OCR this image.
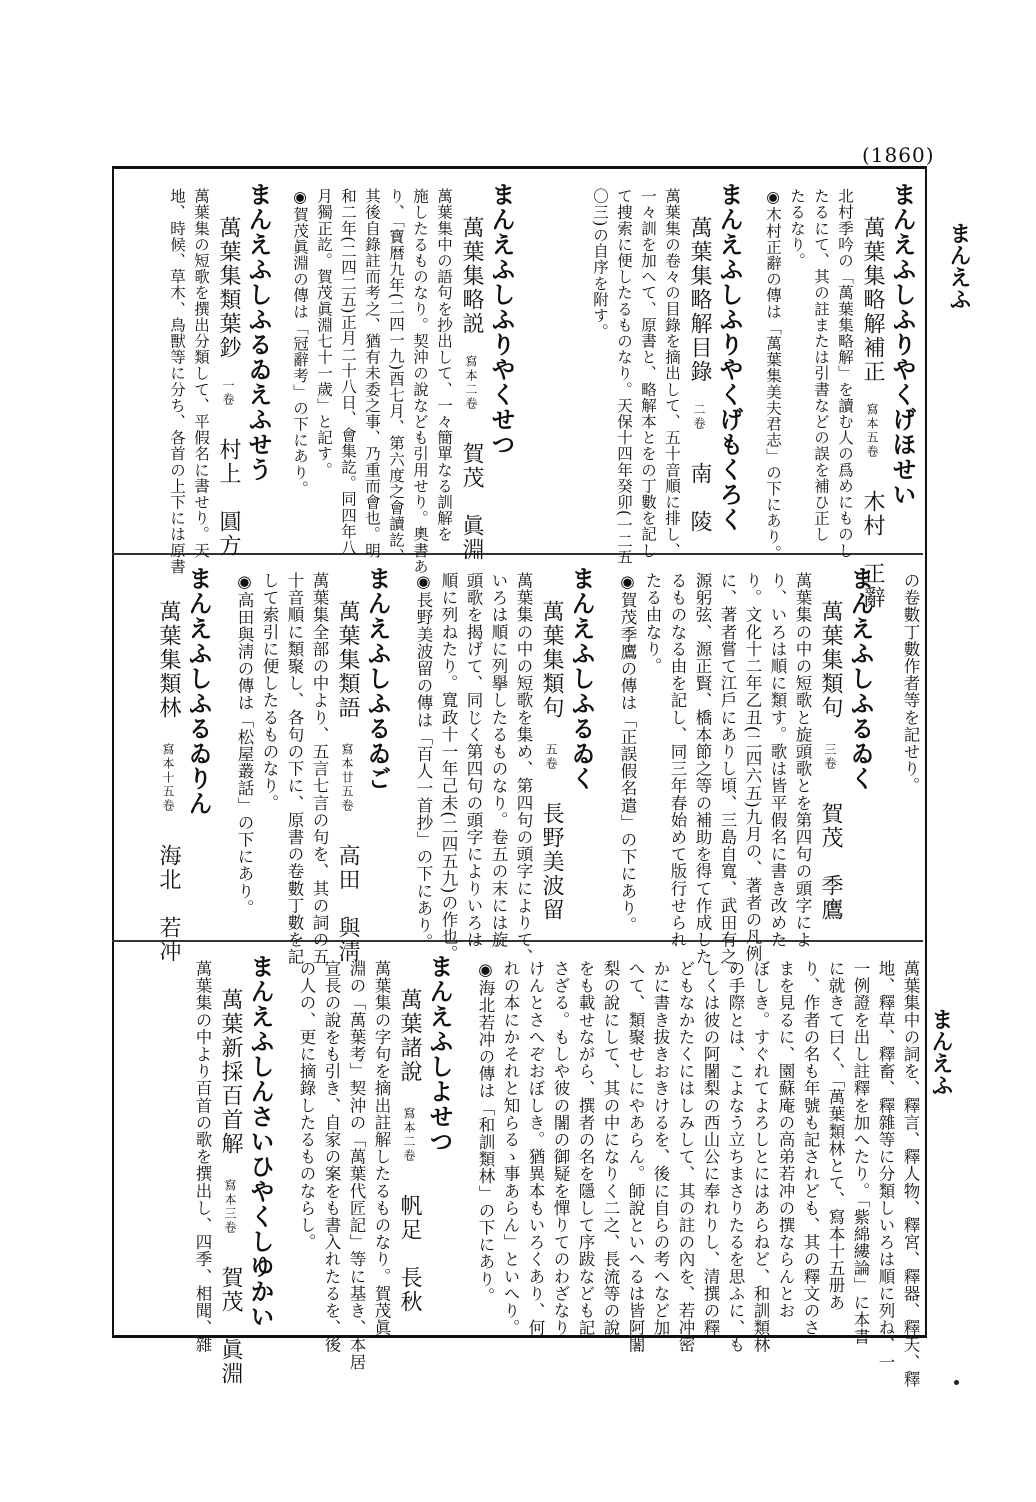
(1860)
まんえふ
まんえふ
まんえふしふりやくげほせい
萬葉集略解補正 寫本五卷 木村　正辭
北村季吟の「萬葉集略解」を讀む人の爲めにものし
たるにて、其の註または引書などの誤を補ひ正し
たるなり。
◉木村正辭の傳は「萬葉集美夫君志」の下にあり。
まんえふしふりやくげもくろく
萬葉集略解目錄 二卷 南　陵
萬葉集の卷々の目錄を摘出して、五十音順に排し、
一々訓を加へて、原書と、略解本とをの丁數を記し
て捜索に便したるものなり。天保十四年癸卯(一二五
〇三)の自序を附す。
まんえふしふりやくせつ
萬葉集略説 寫本二卷 賀茂　眞淵
萬葉集中の語句を抄出して、一々簡單なる訓解を
施したるものなり。契沖の說なども引用せり。奧書あ
り、「寶暦九年(二四一九)酉七月、第六度之會讀訖、
其後自錄註而考之、猶有未委之事、乃重而會也。明
和二年(二四二五)正月二十八日、會集訖。同四年八
月獨正訖。賀茂眞淵七十一歲」と記す。
◉賀茂眞淵の傳は「冠辭考」の下にあり。
まんえふしふるゐえふせう
萬葉集類葉鈔 一卷 村上　圓方
萬葉集の短歌を撰出分類して、平假名に書せり。天
地、時候、草木、鳥獸等に分ち、各首の上下には原書
の卷數丁數作者等を記せり。
まんえふしふるゐく
萬葉集類句 三卷 賀茂　季鷹
萬葉集の中の短歌と旋頭歌とを第四句の頭字によ
り、いろは順に類す。歌は皆平假名に書き改めた
り。文化十二年乙丑(二四六五)九月の、著者の凡例
に、著者嘗て江戶にありし頃、三島自寬、武田有之、
源躬弦、源正賢、橋本節之等の補助を得て作成した
るものなる由を記し、同三年春始めて版行せられ
たる由なり。
◉賀茂季鷹の傳は「正誤假名遣」の下にあり。
まんえふしふるゐく
萬葉集類句 五卷 長野美波留
萬葉集の中の短歌を集め、第四句の頭字によりて、
いろは順に列擧したるものなり。卷五の末には旋
頭歌を揭げて、同じく第四句の頭字によりいろは
順に列ねたり。寬政十一年己未(二四五九)の作也。
◉長野美波留の傳は「百人一首抄」の下にあり。
まんえふしふるゐご
萬葉集類語 寫本廿五卷 高田　與淸
萬葉集全部の中より、五言七言の句を、其の詞の五
十音順に類聚し、各句の下に、原書の卷數丁數を記
して索引に便したるものなり。
◉高田與淸の傳は「松屋叢話」の下にあり。
まんえふしふるゐりん
萬葉集類林 寫本十五卷 海北　若冲
萬葉集中の詞を、釋言、釋人物、釋宮、釋器、釋天、釋
地、釋草、釋畜、釋雜等に分類しいろは順に列ね、一
一例證を出し註釋を加へたり。「紫綿縷論」に本書
に就きて曰く、「萬葉類林とて、寫本十五册あ
り、作者の名も年號も記されども、其の釋文のさ
まを見るに、園蘇庵の高弟若冲の撰ならんとお
ぼしき。すぐれてよろしとにはあらねど、和訓類林
の手際とは、こよなう立ちまさりたるを思ふに、も
しくは彼の阿闍梨の西山公に奉れりし、清撰の釋
どもなかたくにはしみして、其の註の內を、若冲密
かに書き拔きおきけるを、後に自らの考へなど加
へて、類聚せしにやあらん。師說といへるは皆阿闍
梨の說にして、其の中になりく二之、長流等の說
をも載せながら、撰者の名を隱して序跋なども記
さざる。もしや彼の闍の御疑を憚りてのわざなり
けんとさへぞおぼしき。猶異本もいろくあり、何
れの本にかそれと知らるゝ事あらん」といへり。
◉海北若冲の傳は「和訓類林」の下にあり。
まんえふしよせつ
萬葉諸說 寫本二卷 帆足　長秋
萬葉集の字句を摘出註解したるものなり。賀茂眞
淵の「萬葉考」契沖の「萬葉代匠記」等に基き、本居
宣長の說をも引き、自家の案をも書入れたるを、後
の人の、更に摘錄したるものならし。
まんえふしんさいひやくしゆかい
萬葉新採百首解 寫本三卷 賀茂　眞淵
萬葉集の中より百首の歌を撰出し、四季、相聞、雜
